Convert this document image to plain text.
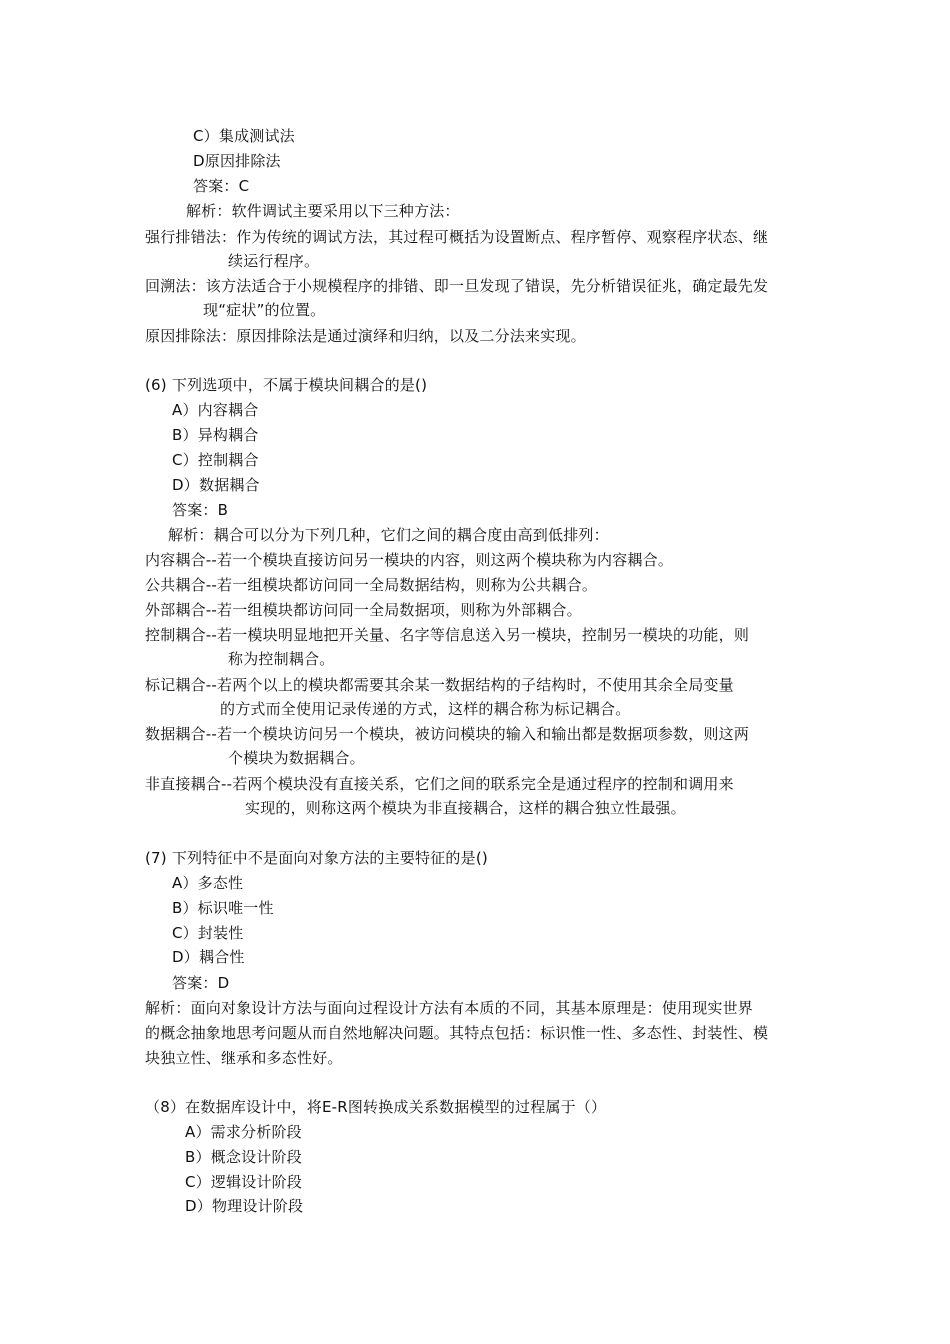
C）集成测试法
D原因排除法
答案：C
解析：软件调试主要采用以下三种方法：
强行排错法：作为传统的调试方法，其过程可概括为设置断点、程序暂停、观察程序状态、继
续运行程序。
回溯法：该方法适合于小规模程序的排错、即一旦发现了错误，先分析错误征兆，确定最先发
现“症状”的位置。
原因排除法：原因排除法是通过演绎和归纳，以及二分法来实现。
(6) 下列选项中，不属于模块间耦合的是()
A）内容耦合
B）异构耦合
C）控制耦合
D）数据耦合
答案：B
解析：耦合可以分为下列几种，它们之间的耦合度由高到低排列：
内容耦合--若一个模块直接访问另一模块的内容，则这两个模块称为内容耦合。
公共耦合--若一组模块都访问同一全局数据结构，则称为公共耦合。
外部耦合--若一组模块都访问同一全局数据项，则称为外部耦合。
控制耦合--若一模块明显地把开关量、名字等信息送入另一模块，控制另一模块的功能，则
称为控制耦合。
标记耦合--若两个以上的模块都需要其余某一数据结构的子结构时，不使用其余全局变量
的方式而全使用记录传递的方式，这样的耦合称为标记耦合。
数据耦合--若一个模块访问另一个模块，被访问模块的输入和输出都是数据项参数，则这两
个模块为数据耦合。
非直接耦合--若两个模块没有直接关系，它们之间的联系完全是通过程序的控制和调用来
实现的，则称这两个模块为非直接耦合，这样的耦合独立性最强。
(7) 下列特征中不是面向对象方法的主要特征的是()
A）多态性
B）标识唯一性
C）封装性
D）耦合性
答案：D
解析：面向对象设计方法与面向过程设计方法有本质的不同，其基本原理是：使用现实世界
的概念抽象地思考问题从而自然地解决问题。其特点包括：标识惟一性、多态性、封装性、模
块独立性、继承和多态性好。
（8）在数据库设计中，将E-R图转换成关系数据模型的过程属于（）
A）需求分析阶段
B）概念设计阶段
C）逻辑设计阶段
D）物理设计阶段
